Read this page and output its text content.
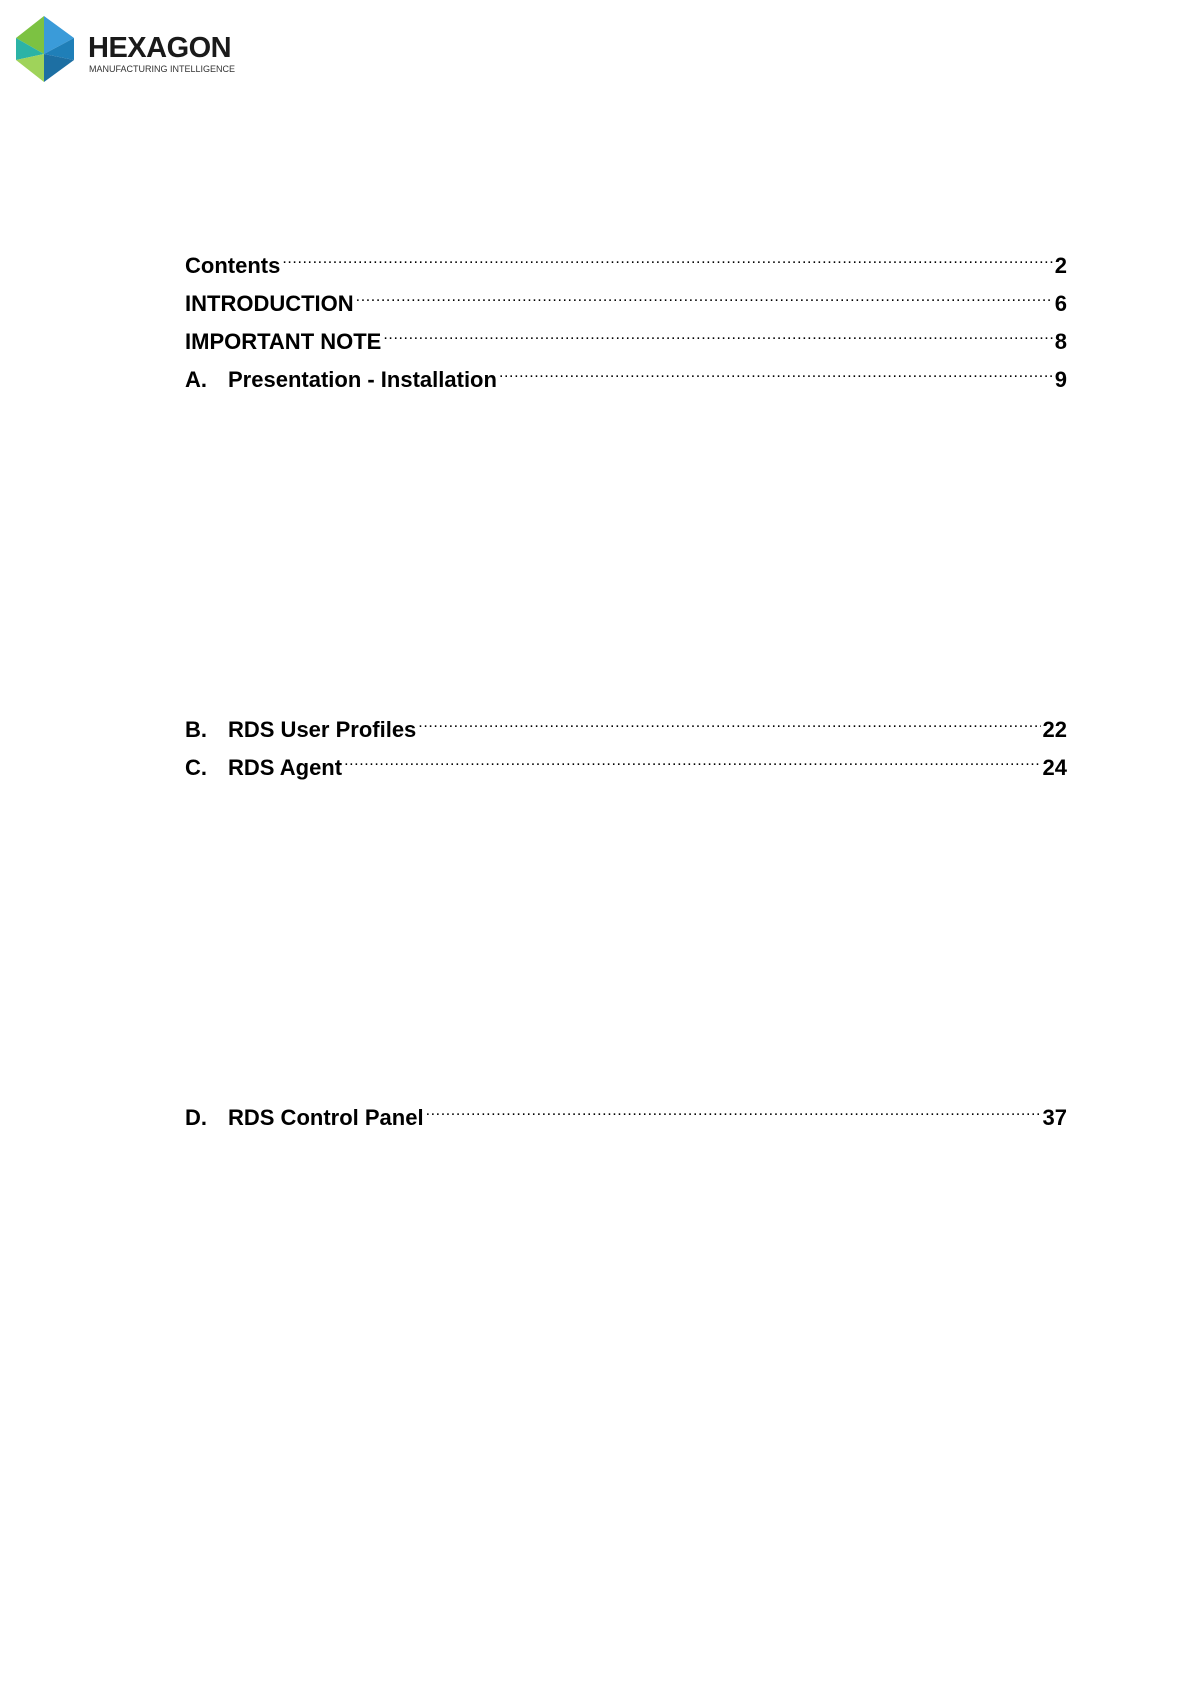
HEXAGON
MANUFACTURING INTELLIGENCE
Contents .....	2
INTRODUCTION .....	6
IMPORTANT NOTE .....	8
A. Presentation - Installation .....	9
B. RDS User Profiles .....	22
C. RDS Agent .....	24
D. RDS Control Panel .....	37
